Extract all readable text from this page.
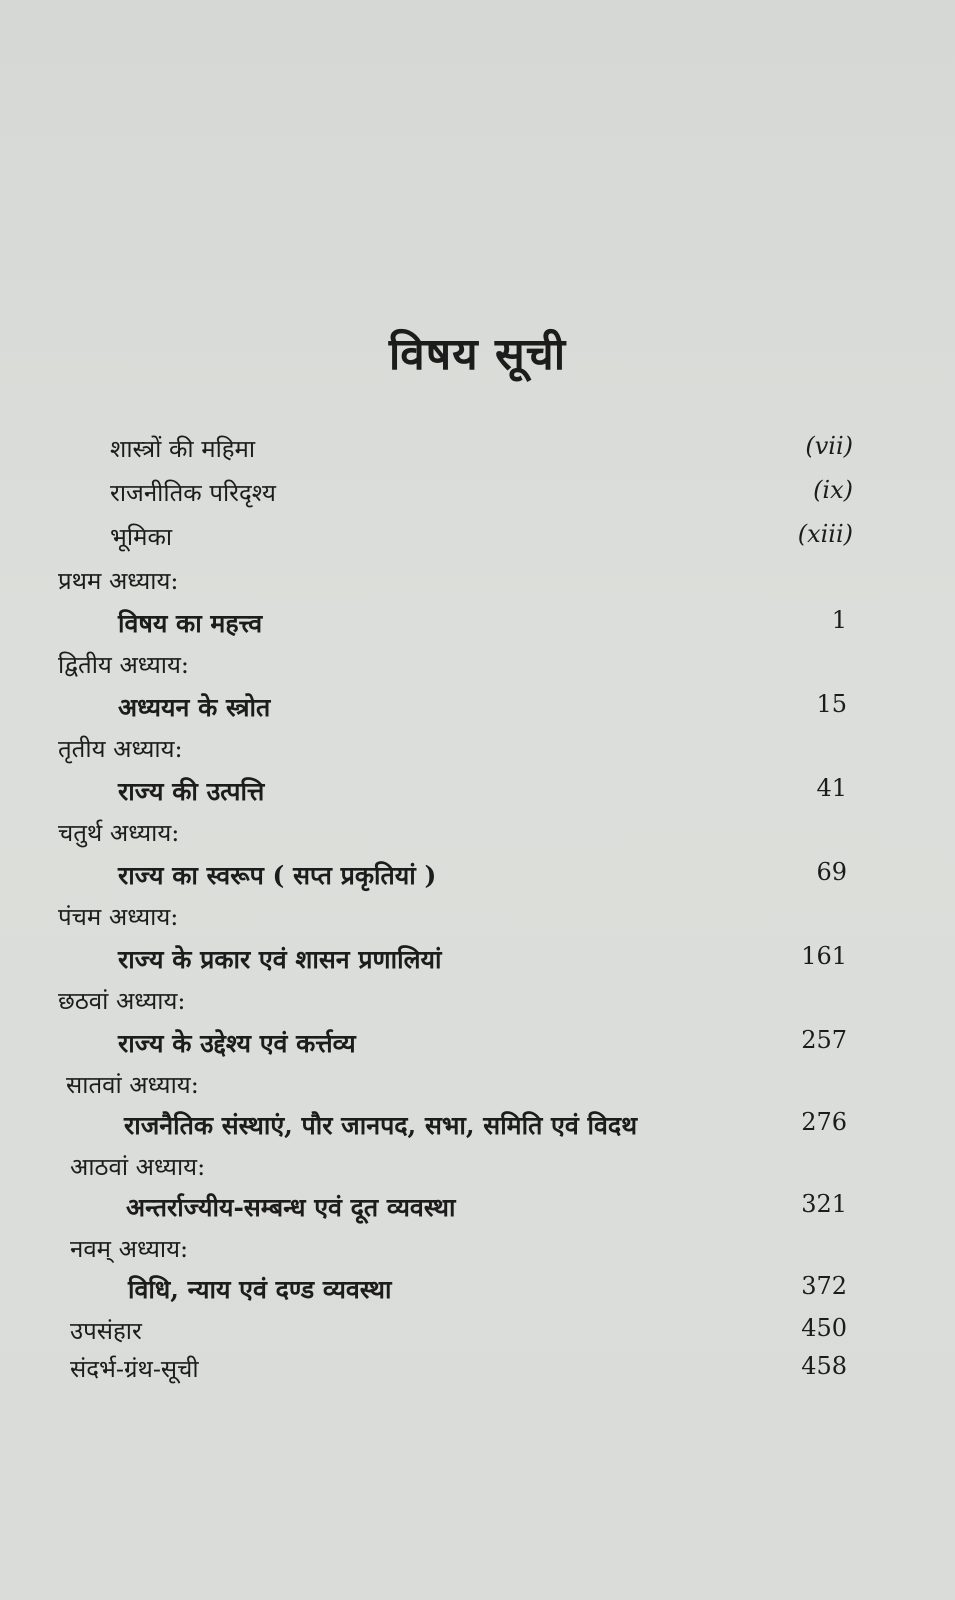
विषय सूची
शास्त्रों की महिमा	(vii)
राजनीतिक परिदृश्य	(ix)
भूमिका	(xiii)
प्रथम अध्याय:
विषय का महत्त्व	1
द्वितीय अध्याय:
अध्ययन के स्त्रोत	15
तृतीय अध्याय:
राज्य की उत्पत्ति	41
चतुर्थ अध्याय:
राज्य का स्वरूप ( सप्त प्रकृतियां )	69
पंचम अध्याय:
राज्य के प्रकार एवं शासन प्रणालियां	161
छठवां अध्याय:
राज्य के उद्देश्य एवं कर्त्तव्य	257
सातवां अध्याय:
राजनैतिक संस्थाएं, पौर जानपद, सभा, समिति एवं विदथ	276
आठवां अध्याय:
अन्तर्राज्यीय-सम्बन्ध एवं दूत व्यवस्था	321
नवम् अध्याय:
विधि, न्याय एवं दण्ड व्यवस्था	372
उपसंहार	450
संदर्भ-ग्रंथ-सूची	458
